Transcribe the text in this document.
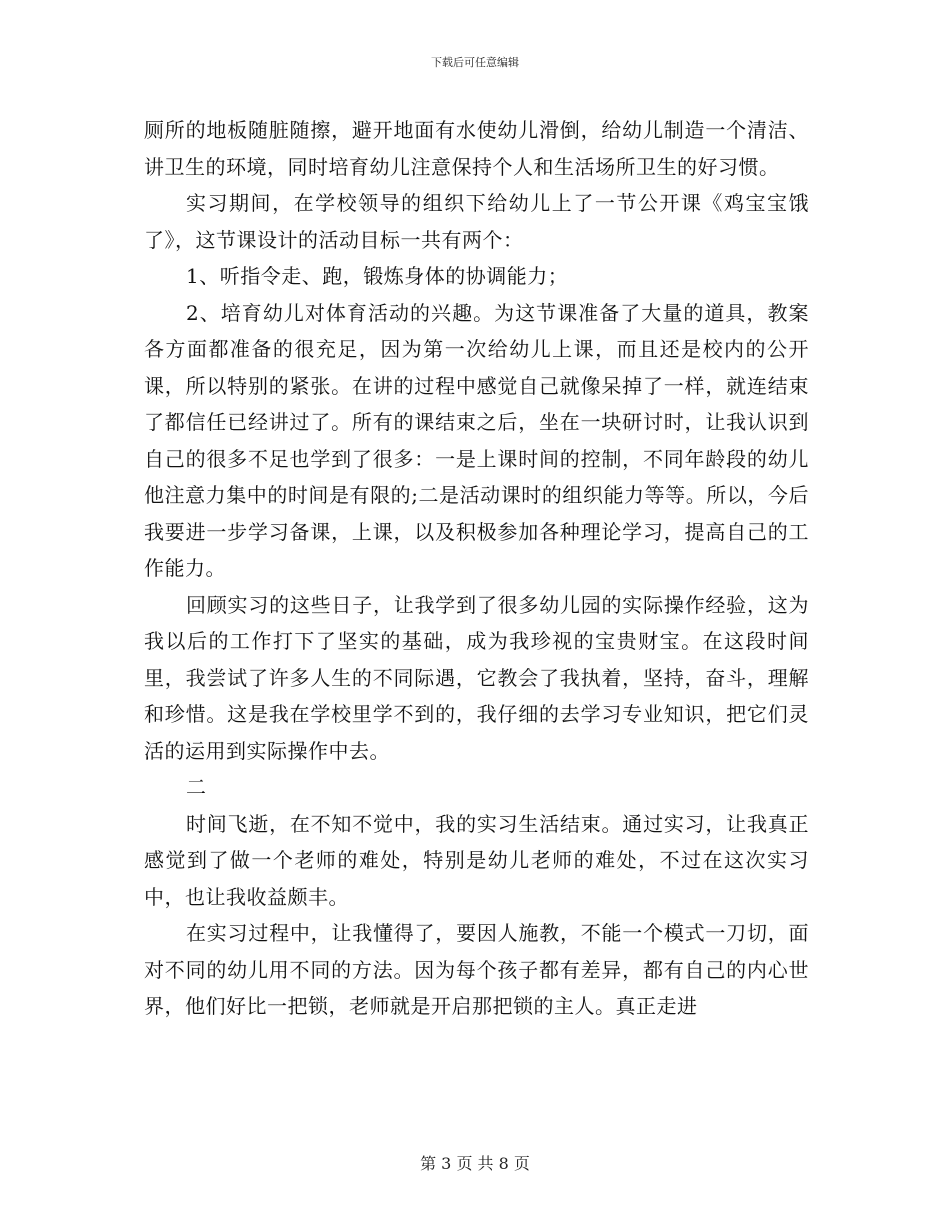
下载后可任意编辑

厕所的地板随脏随擦，避开地面有水使幼儿滑倒，给幼儿制造一个清洁、讲卫生的环境，同时培育幼儿注意保持个人和生活场所卫生的好习惯。

实习期间，在学校领导的组织下给幼儿上了一节公开课《鸡宝宝饿了》，这节课设计的活动目标一共有两个：

1、听指令走、跑，锻炼身体的协调能力；

2、培育幼儿对体育活动的兴趣。为这节课准备了大量的道具，教案各方面都准备的很充足，因为第一次给幼儿上课，而且还是校内的公开课，所以特别的紧张。在讲的过程中感觉自己就像呆掉了一样，就连结束了都信任已经讲过了。所有的课结束之后，坐在一块研讨时，让我认识到自己的很多不足也学到了很多：一是上课时间的控制，不同年龄段的幼儿他注意力集中的时间是有限的;二是活动课时的组织能力等等。所以，今后我要进一步学习备课，上课，以及积极参加各种理论学习，提高自己的工作能力。

回顾实习的这些日子，让我学到了很多幼儿园的实际操作经验，这为我以后的工作打下了坚实的基础，成为我珍视的宝贵财宝。在这段时间里，我尝试了许多人生的不同际遇，它教会了我执着，坚持，奋斗，理解和珍惜。这是我在学校里学不到的，我仔细的去学习专业知识，把它们灵活的运用到实际操作中去。

二

时间飞逝，在不知不觉中，我的实习生活结束。通过实习，让我真正感觉到了做一个老师的难处，特别是幼儿老师的难处，不过在这次实习中，也让我收益颇丰。

在实习过程中，让我懂得了，要因人施教，不能一个模式一刀切，面对不同的幼儿用不同的方法。因为每个孩子都有差异，都有自己的内心世界，他们好比一把锁，老师就是开启那把锁的主人。真正走进

第 3 页 共 8 页
